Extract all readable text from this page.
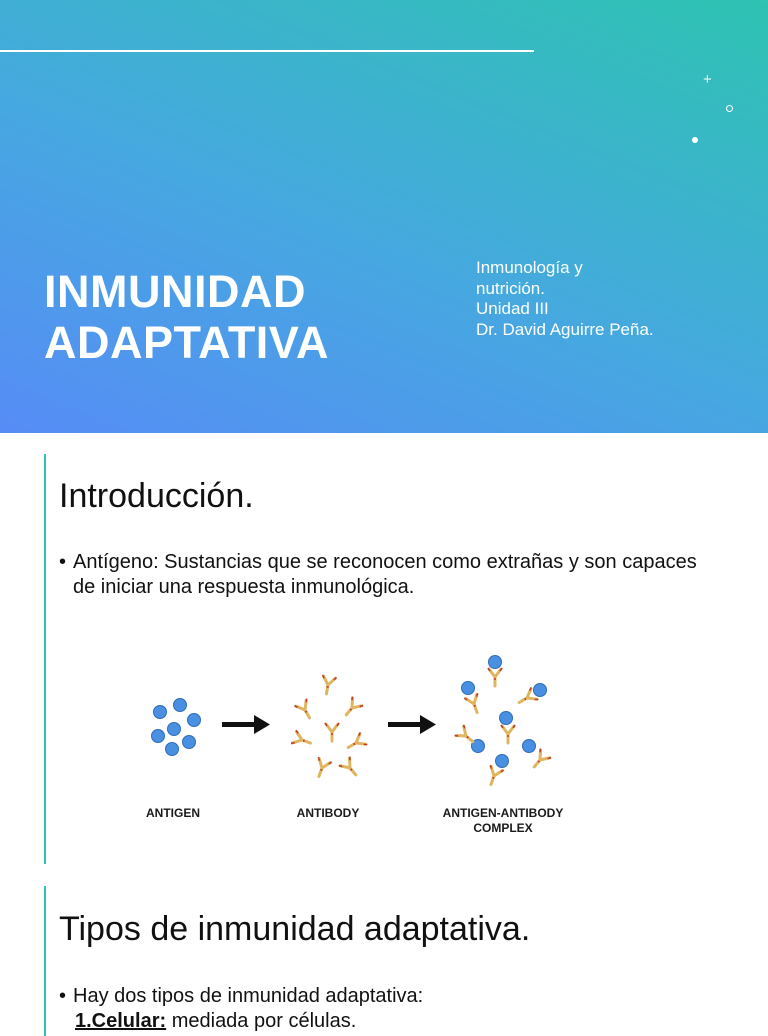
+
INMUNIDAD
ADAPTATIVA
Inmunología y
nutrición.
Unidad III
Dr. David Aguirre Peña.
Introducción.
• Antígeno: Sustancias que se reconocen como extrañas y son capaces de iniciar una respuesta inmunológica.
ANTIGEN	ANTIBODY	ANTIGEN-ANTIBODY
COMPLEX
Tipos de inmunidad adaptativa.
• Hay dos tipos de inmunidad adaptativa:
1.Celular: mediada por células.
